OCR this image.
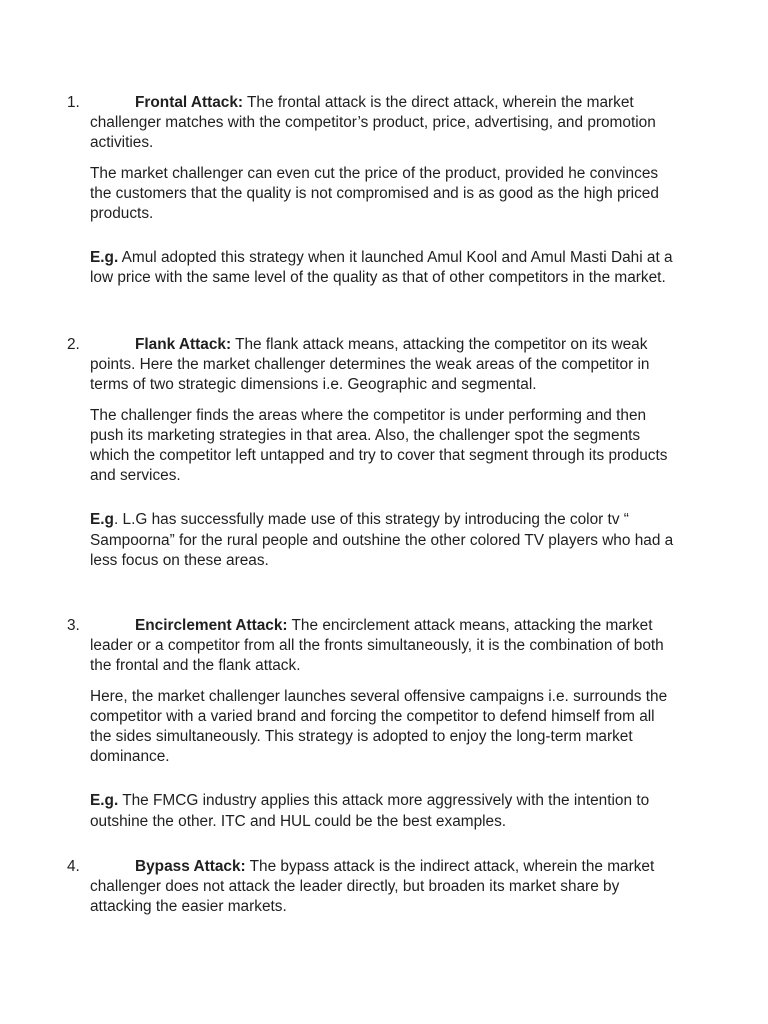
1.	Frontal Attack: The frontal attack is the direct attack, wherein the market challenger matches with the competitor’s product, price, advertising, and promotion activities.

The market challenger can even cut the price of the product, provided he convinces the customers that the quality is not compromised and is as good as the high priced products.

E.g. Amul adopted this strategy when it launched Amul Kool and Amul Masti Dahi at a low price with the same level of the quality as that of other competitors in the market.

2.	Flank Attack: The flank attack means, attacking the competitor on its weak points. Here the market challenger determines the weak areas of the competitor in terms of two strategic dimensions i.e. Geographic and segmental.

The challenger finds the areas where the competitor is under performing and then push its marketing strategies in that area. Also, the challenger spot the segments which the competitor left untapped and try to cover that segment through its products and services.

E.g. L.G has successfully made use of this strategy by introducing the color tv “ Sampoorna” for the rural people and outshine the other colored TV players who had a less focus on these areas.

3.	Encirclement Attack: The encirclement attack means, attacking the market leader or a competitor from all the fronts simultaneously, it is the combination of both the frontal and the flank attack.

Here, the market challenger launches several offensive campaigns i.e. surrounds the competitor with a varied brand and forcing the competitor to defend himself from all the sides simultaneously. This strategy is adopted to enjoy the long-term market dominance.

E.g. The FMCG industry applies this attack more aggressively with the intention to outshine the other. ITC and HUL could be the best examples.

4.	Bypass Attack: The bypass attack is the indirect attack, wherein the market challenger does not attack the leader directly, but broaden its market share by attacking the easier markets.
